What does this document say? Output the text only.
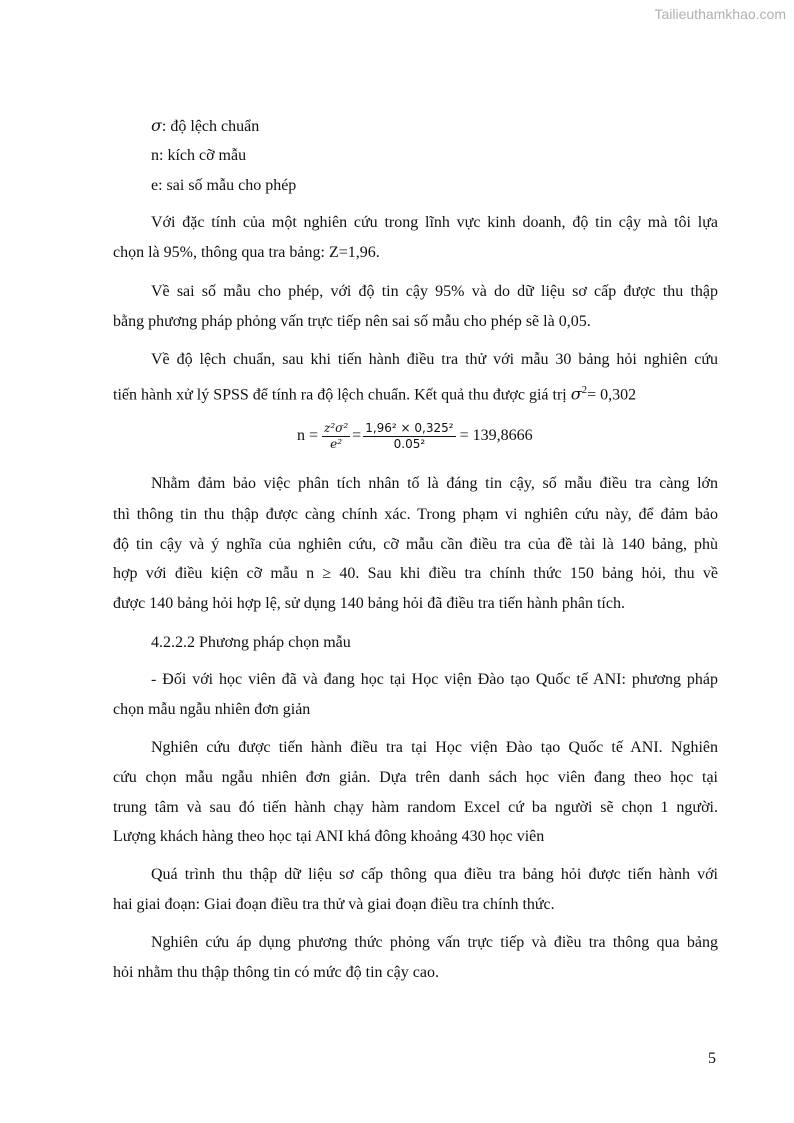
Tailieuthamkhao.com
σ: độ lệch chuẩn
n: kích cỡ mẫu
e: sai số mẫu cho phép
Với đặc tính của một nghiên cứu trong lĩnh vực kinh doanh, độ tin cậy mà tôi lựa
chọn là 95%, thông qua tra bảng: Z=1,96.
Về sai số mẫu cho phép, với độ tin cậy 95% và do dữ liệu sơ cấp được thu thập
bằng phương pháp phỏng vấn trực tiếp nên sai số mẫu cho phép sẽ là 0,05.
Về độ lệch chuẩn, sau khi tiến hành điều tra thử với mẫu 30 bảng hỏi nghiên cứu
tiến hành xử lý SPSS để tính ra độ lệch chuẩn. Kết quả thu được giá trị $\sigma^2= 0,302$
$n = \frac{\text{z²σ²}}{\text{e²}} = \frac{\text{1,96² × 0,325²}}{\text{0.05²}} = 139,8666$
Nhằm đảm bảo việc phân tích nhân tố là đáng tin cậy, số mẫu điều tra càng lớn
thì thông tin thu thập được càng chính xác. Trong phạm vi nghiên cứu này, để đảm bảo
độ tin cậy và ý nghĩa của nghiên cứu, cỡ mẫu cần điều tra của đề tài là 140 bảng, phù
hợp với điều kiện cỡ mẫu n ≥ 40. Sau khi điều tra chính thức 150 bảng hỏi, thu về
được 140 bảng hỏi hợp lệ, sử dụng 140 bảng hỏi đã điều tra tiến hành phân tích.
4.2.2.2 Phương pháp chọn mẫu
- Đối với học viên đã và đang học tại Học viện Đào tạo Quốc tế ANI: phương pháp
chọn mẫu ngẫu nhiên đơn giản
Nghiên cứu được tiến hành điều tra tại Học viện Đào tạo Quốc tế ANI. Nghiên
cứu chọn mẫu ngẫu nhiên đơn giản. Dựa trên danh sách học viên đang theo học tại
trung tâm và sau đó tiến hành chạy hàm random Excel cứ ba người sẽ chọn 1 người.
Lượng khách hàng theo học tại ANI khá đông khoảng 430 học viên
Quá trình thu thập dữ liệu sơ cấp thông qua điều tra bảng hỏi được tiến hành với
hai giai đoạn: Giai đoạn điều tra thử và giai đoạn điều tra chính thức.
Nghiên cứu áp dụng phương thức phỏng vấn trực tiếp và điều tra thông qua bảng
hỏi nhằm thu thập thông tin có mức độ tin cậy cao.
5
